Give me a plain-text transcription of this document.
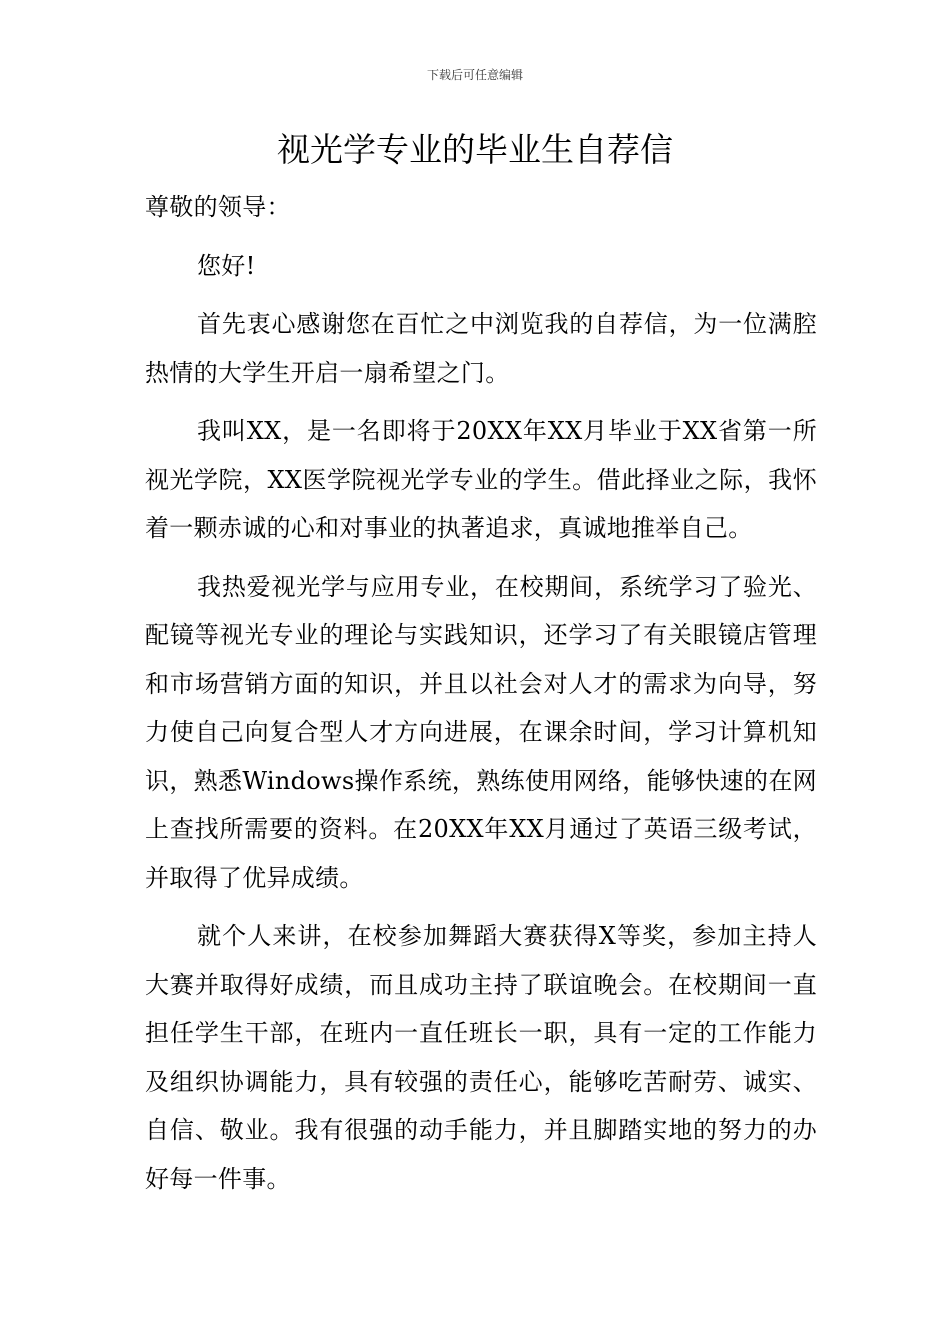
下载后可任意编辑
视光学专业的毕业生自荐信

尊敬的领导：

您好!

首先衷心感谢您在百忙之中浏览我的自荐信，为一位满腔热情的大学生开启一扇希望之门。

我叫XX，是一名即将于20XX年XX月毕业于XX省第一所视光学院，XX医学院视光学专业的学生。借此择业之际，我怀着一颗赤诚的心和对事业的执著追求，真诚地推举自己。

我热爱视光学与应用专业，在校期间，系统学习了验光、配镜等视光专业的理论与实践知识，还学习了有关眼镜店管理和市场营销方面的知识，并且以社会对人才的需求为向导，努力使自己向复合型人才方向进展，在课余时间，学习计算机知识，熟悉Windows操作系统，熟练使用网络，能够快速的在网上查找所需要的资料。在20XX年XX月通过了英语三级考试，并取得了优异成绩。

就个人来讲，在校参加舞蹈大赛获得X等奖，参加主持人大赛并取得好成绩，而且成功主持了联谊晚会。在校期间一直担任学生干部，在班内一直任班长一职，具有一定的工作能力及组织协调能力，具有较强的责任心，能够吃苦耐劳、诚实、自信、敬业。我有很强的动手能力，并且脚踏实地的努力的办好每一件事。
